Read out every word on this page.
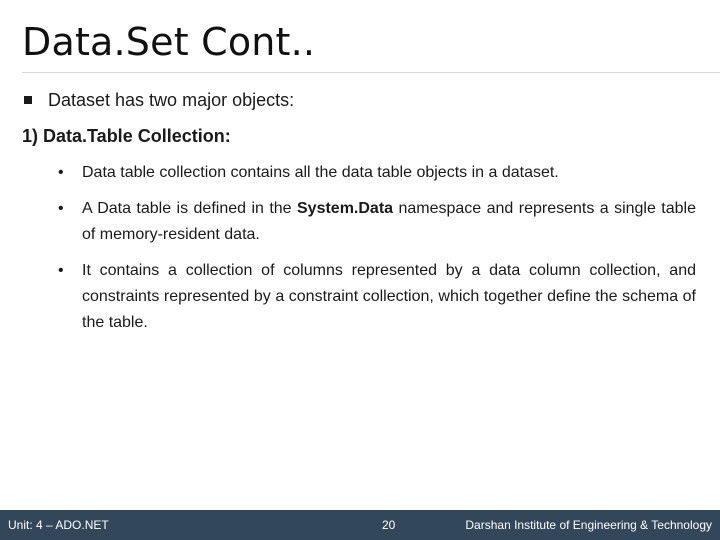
Data.Set Cont..
Dataset has two major objects:
1) Data.Table Collection:
• Data table collection contains all the data table objects in a dataset.
• A Data table is defined in the System.Data namespace and represents a single table of memory-resident data.
• It contains a collection of columns represented by a data column collection, and constraints represented by a constraint collection, which together define the schema of the table.
Unit: 4 – ADO.NET	20	Darshan Institute of Engineering & Technology
